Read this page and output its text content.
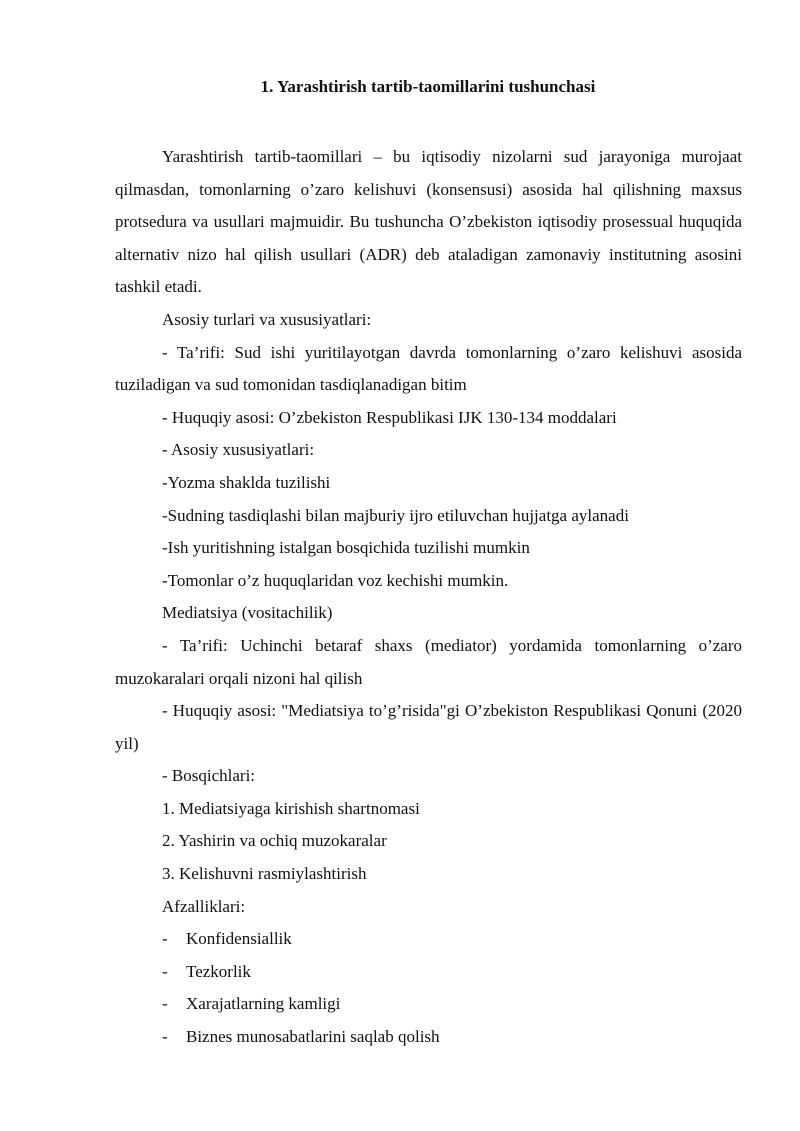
1. Yarashtirish tartib-taomillarini tushunchasi

Yarashtirish tartib-taomillari – bu iqtisodiy nizolarni sud jarayoniga murojaat qilmasdan, tomonlarning o’zaro kelishuvi (konsensusi) asosida hal qilishning maxsus protsedura va usullari majmuidir. Bu tushuncha O’zbekiston iqtisodiy prosessual huquqida alternativ nizo hal qilish usullari (ADR) deb ataladigan zamonaviy institutning asosini tashkil etadi.

Asosiy turlari va xususiyatlari:

- Ta’rifi: Sud ishi yuritilayotgan davrda tomonlarning o’zaro kelishuvi asosida tuziladigan va sud tomonidan tasdiqlanadigan bitim

- Huquqiy asosi: O’zbekiston Respublikasi IJK 130-134 moddalari

- Asosiy xususiyatlari:

-Yozma shaklda tuzilishi

-Sudning tasdiqlashi bilan majburiy ijro etiluvchan hujjatga aylanadi

-Ish yuritishning istalgan bosqichida tuzilishi mumkin

-Tomonlar o’z huquqlaridan voz kechishi mumkin.

Mediatsiya (vositachilik)

- Ta’rifi: Uchinchi betaraf shaxs (mediator) yordamida tomonlarning o’zaro muzokaralari orqali nizoni hal qilish

- Huquqiy asosi: "Mediatsiya to’g’risida"gi O’zbekiston Respublikasi Qonuni (2020 yil)

- Bosqichlari:

1. Mediatsiyaga kirishish shartnomasi

2. Yashirin va ochiq muzokaralar

3. Kelishuvni rasmiylashtirish

Afzalliklari:

- Konfidensiallik
- Tezkorlik
- Xarajatlarning kamligi
- Biznes munosabatlarini saqlab qolish
